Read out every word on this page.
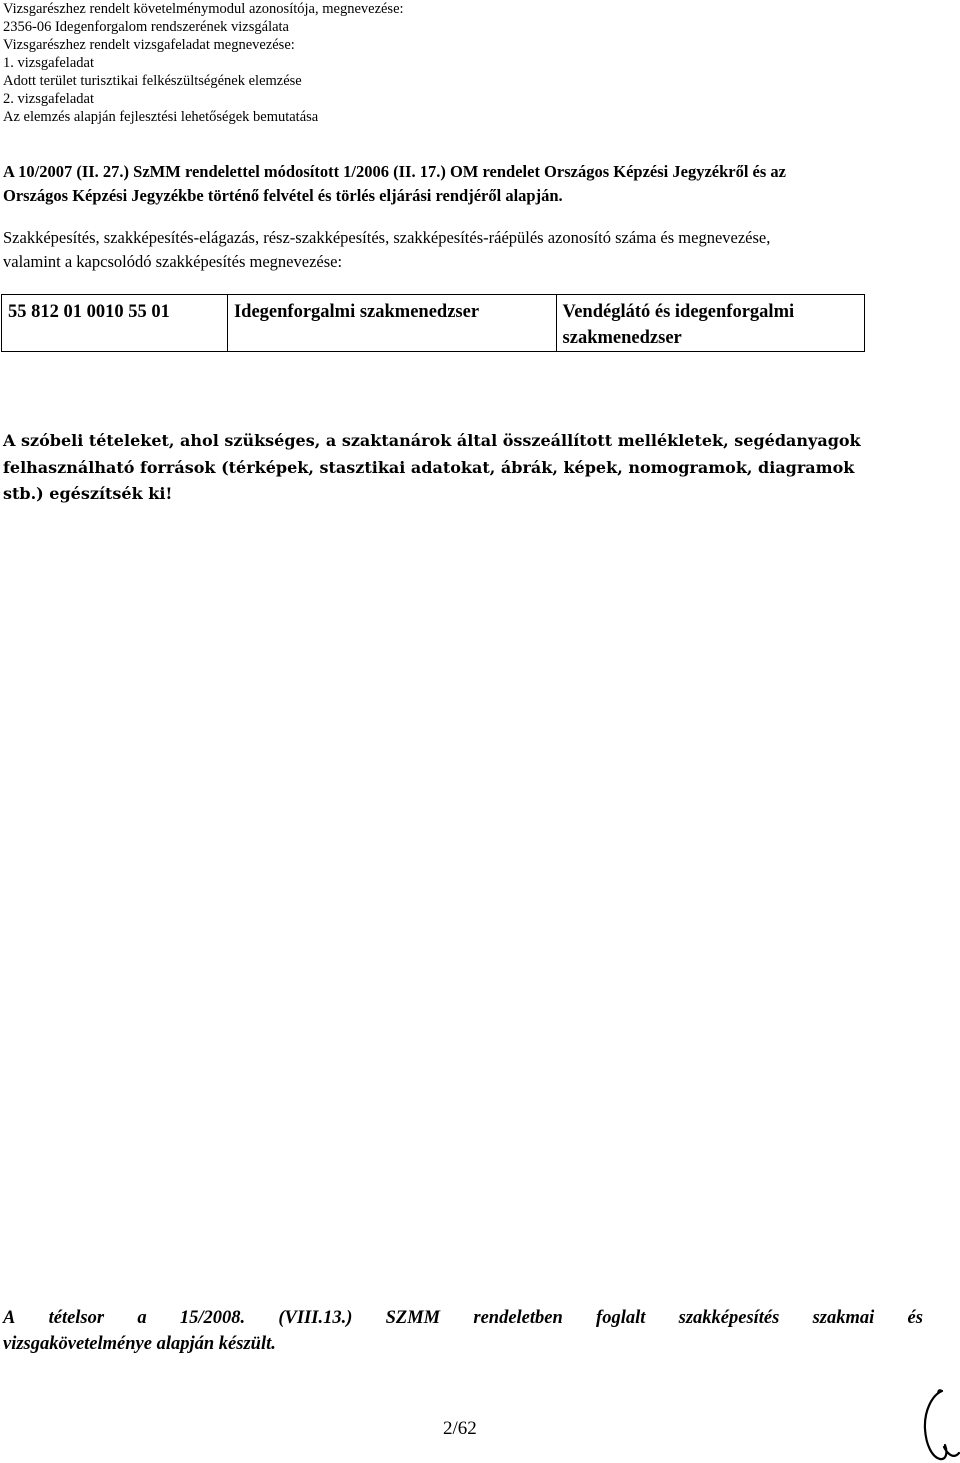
Vizsgarészhez rendelt követelménymodul azonosítója, megnevezése:
2356-06 Idegenforgalom rendszerének vizsgálata
Vizsgarészhez rendelt vizsgafeladat megnevezése:
1. vizsgafeladat
Adott terület turisztikai felkészültségének elemzése
2. vizsgafeladat
Az elemzés alapján fejlesztési lehetőségek bemutatása
A 10/2007 (II. 27.) SzMM rendelettel módosított 1/2006 (II. 17.) OM rendelet Országos Képzési Jegyzékről és az
Országos Képzési Jegyzékbe történő felvétel és törlés eljárási rendjéről alapján.
Szakképesítés, szakképesítés-elágazás, rész-szakképesítés, szakképesítés-ráépülés azonosító száma és megnevezése,
valamint a kapcsolódó szakképesítés megnevezése:
55 812 01 0010 55 01	Idegenforgalmi szakmenedzser	Vendéglátó és idegenforgalmi szakmenedzser
A szóbeli tételeket, ahol szükséges, a szaktanárok által összeállított mellékletek, segédanyagok
felhasználható források (térképek, stasztikai adatokat, ábrák, képek, nomogramok, diagramok
stb.) egészítsék ki!
A tételsor a 15/2008. (VIII.13.) SZMM rendeletben foglalt szakképesítés szakmai és
vizsgakövetelménye alapján készült.
2/62
